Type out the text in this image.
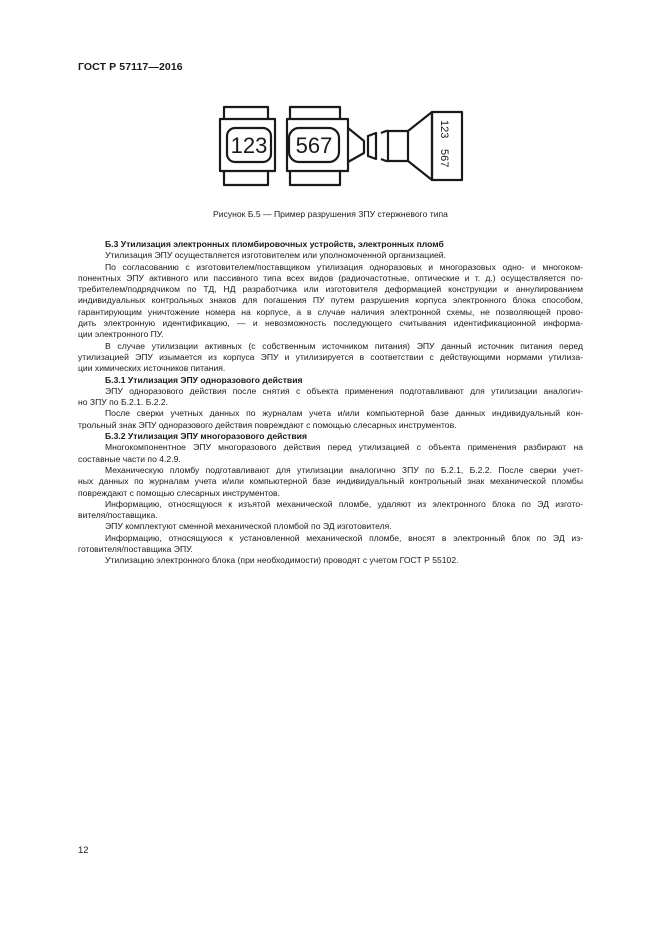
ГОСТ Р 57117—2016
123 567
123
567
Рисунок Б.5 — Пример разрушения ЗПУ стержневого типа
Б.3 Утилизация электронных пломбировочных устройств, электронных пломб
Утилизация ЭПУ осуществляется изготовителем или уполномоченной организацией.
По согласованию с изготовителем/поставщиком утилизация одноразовых и многоразовых одно- и многоком-
понентных ЭПУ активного или пассивного типа всех видов (радиочастотные, оптические и т. д.) осуществляется по-
требителем/подрядчиком по ТД, НД разработчика или изготовителя деформацией конструкции и аннулированием
индивидуальных контрольных знаков для погашения ПУ путем разрушения корпуса электронного блока способом,
гарантирующим уничтожение номера на корпусе, а в случае наличия электронной схемы, не позволяющей прово-
дить электронную идентификацию, — и невозможность последующего считывания идентификационной информа-
ции электронного ПУ.
В случае утилизации активных (с собственным источником питания) ЭПУ данный источник питания перед
утилизацией ЭПУ изымается из корпуса ЭПУ и утилизируется в соответствии с действующими нормами утилиза-
ции химических источников питания.
Б.3.1 Утилизация ЭПУ одноразового действия
ЭПУ одноразового действия после снятия с объекта применения подготавливают для утилизации аналогич-
но ЗПУ по Б.2.1. Б.2.2.
После сверки учетных данных по журналам учета и/или компьютерной базе данных индивидуальный кон-
трольный знак ЭПУ одноразового действия повреждают с помощью слесарных инструментов.
Б.3.2 Утилизация ЭПУ многоразового действия
Многокомпонентное ЭПУ многоразового действия перед утилизацией с объекта применения разбирают на
составные части по 4.2.9.
Механическую пломбу подготавливают для утилизации аналогично ЗПУ по Б.2.1, Б.2.2. После сверки учет-
ных данных по журналам учета и/или компьютерной базе индивидуальный контрольный знак механической пломбы
повреждают с помощью слесарных инструментов.
Информацию, относящуюся к изъятой механической пломбе, удаляют из электронного блока по ЭД изгото-
вителя/поставщика.
ЭПУ комплектуют сменной механической пломбой по ЭД изготовителя.
Информацию, относящуюся к установленной механической пломбе, вносят в электронный блок по ЭД из-
готовителя/поставщика ЭПУ.
Утилизацию электронного блока (при необходимости) проводят с учетом ГОСТ Р 55102.
12
